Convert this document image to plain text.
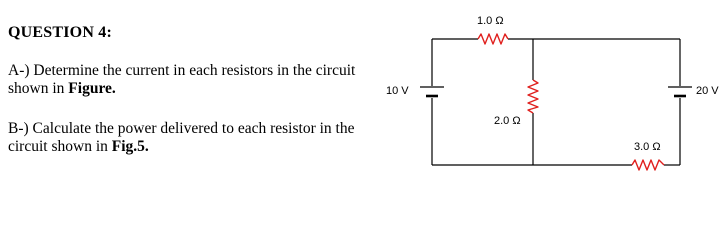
QUESTION 4:
A-) Determine the current in each resistors in the circuit
shown in Figure.
B-) Calculate the power delivered to each resistor in the
circuit shown in Fig.5.
1.0 Ω
2.0 Ω
3.0 Ω
10 V	20 V
